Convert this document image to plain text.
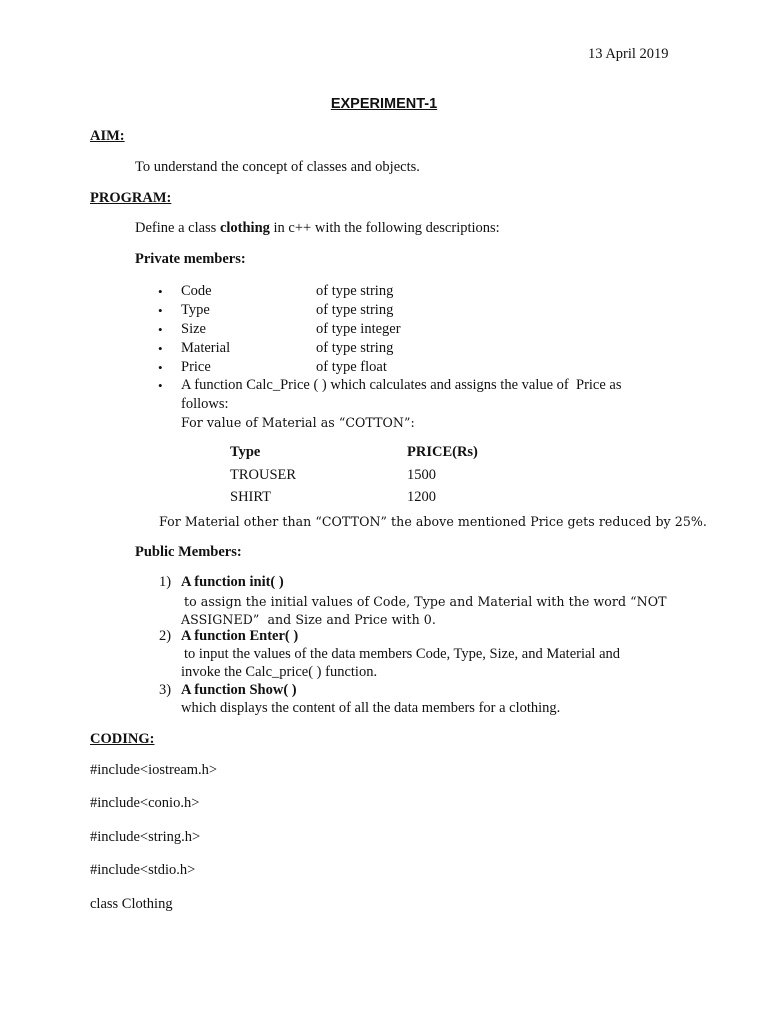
13 April 2019
EXPERIMENT-1
AIM:
To understand the concept of classes and objects.
PROGRAM:
Define a class clothing in c++ with the following descriptions:
Private members:
•
Code	of type string
•
Type	of type string
•
Size	of type integer
•
Material	of type string
•
Price	of type float
•
A function Calc_Price ( ) which calculates and assigns the value of  Price as
follows:
For value of Material as “COTTON”:
Type	PRICE(Rs)
TROUSER	1500
SHIRT	1200
For Material other than “COTTON” the above mentioned Price gets reduced by 25%.
Public Members:
1) A function init( )
to assign the initial values of Code, Type and Material with the word “NOT
ASSIGNED”  and Size and Price with 0.
2) A function Enter( )
to input the values of the data members Code, Type, Size, and Material and
invoke the Calc_price( ) function.
3) A function Show( )
which displays the content of all the data members for a clothing.
CODING:
#include<iostream.h>
#include<conio.h>
#include<string.h>
#include<stdio.h>
class Clothing
